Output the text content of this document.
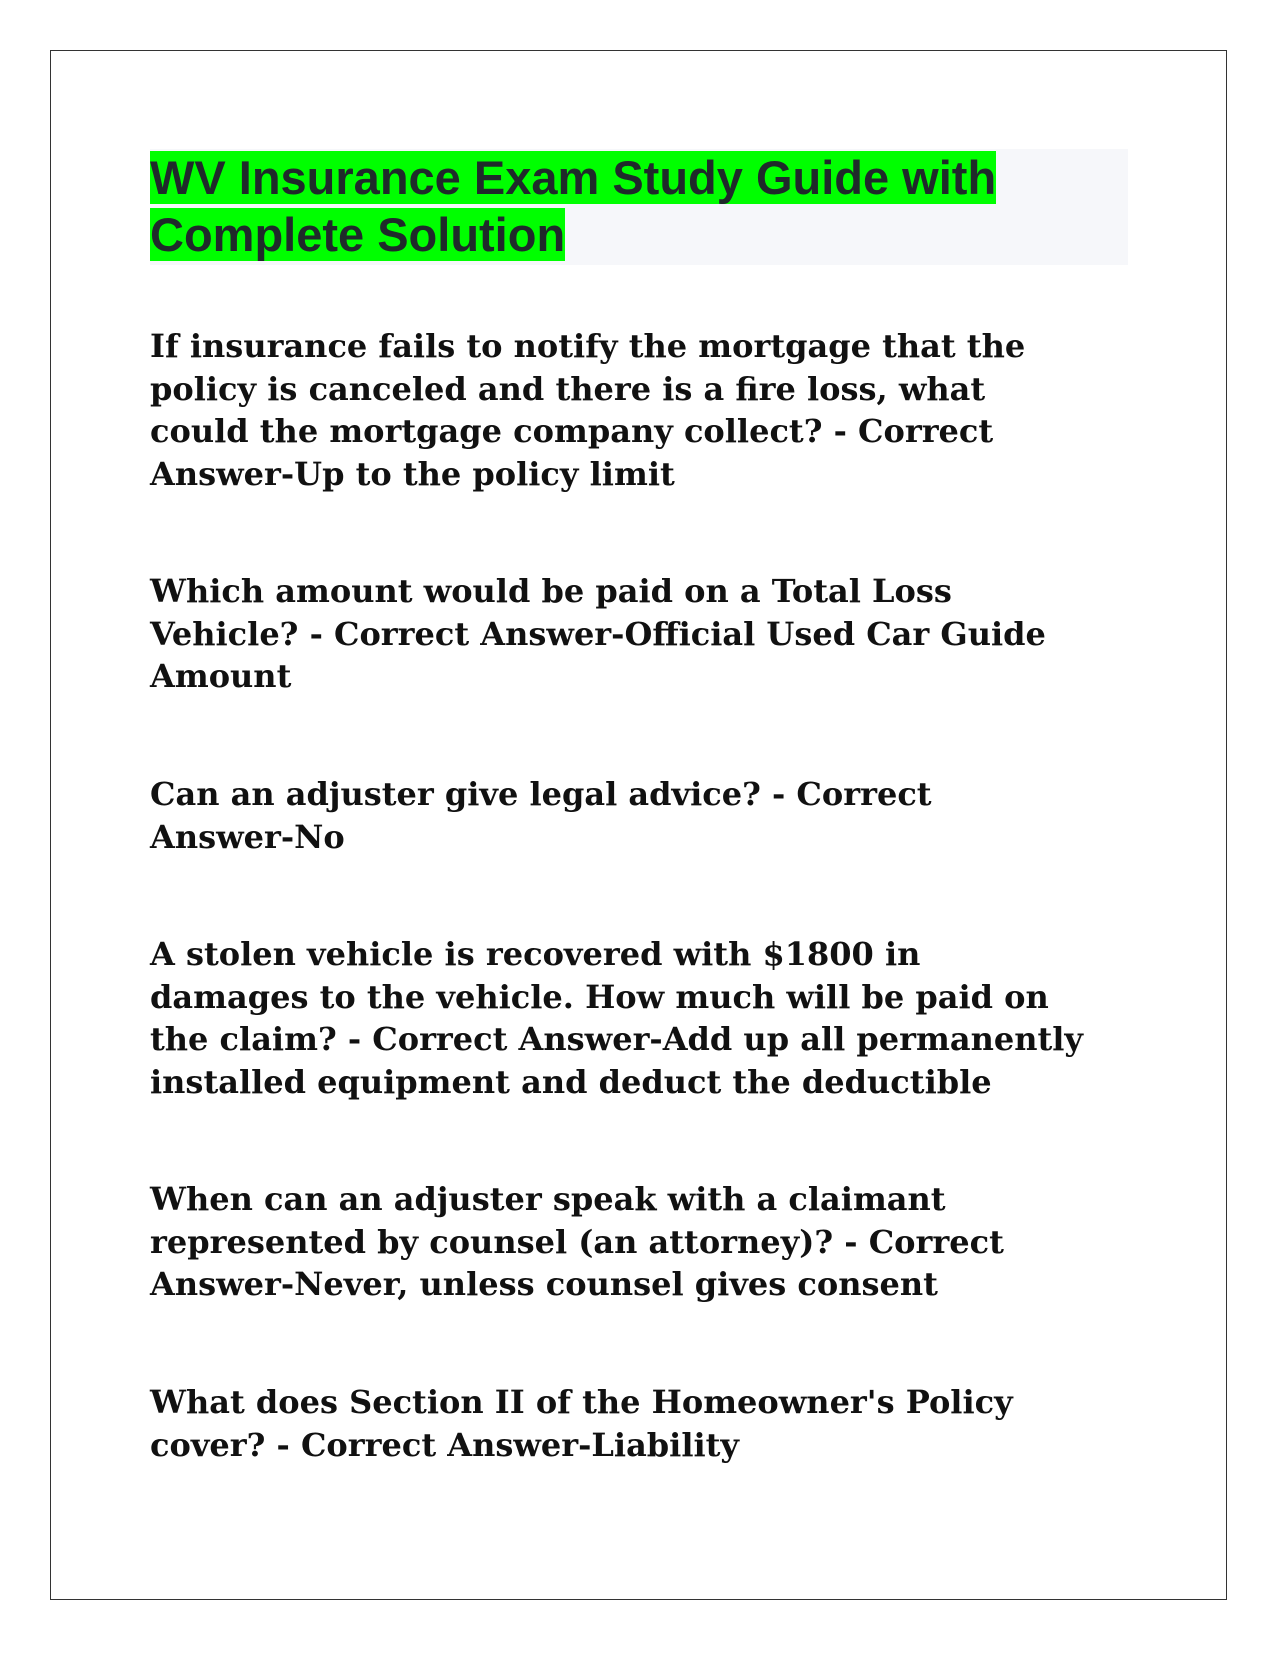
WV Insurance Exam Study Guide with
Complete Solution

If insurance fails to notify the mortgage that the
policy is canceled and there is a fire loss, what
could the mortgage company collect? - Correct
Answer-Up to the policy limit

Which amount would be paid on a Total Loss
Vehicle? - Correct Answer-Official Used Car Guide
Amount

Can an adjuster give legal advice? - Correct
Answer-No

A stolen vehicle is recovered with $1800 in
damages to the vehicle. How much will be paid on
the claim? - Correct Answer-Add up all permanently
installed equipment and deduct the deductible

When can an adjuster speak with a claimant
represented by counsel (an attorney)? - Correct
Answer-Never, unless counsel gives consent

What does Section II of the Homeowner's Policy
cover? - Correct Answer-Liability
